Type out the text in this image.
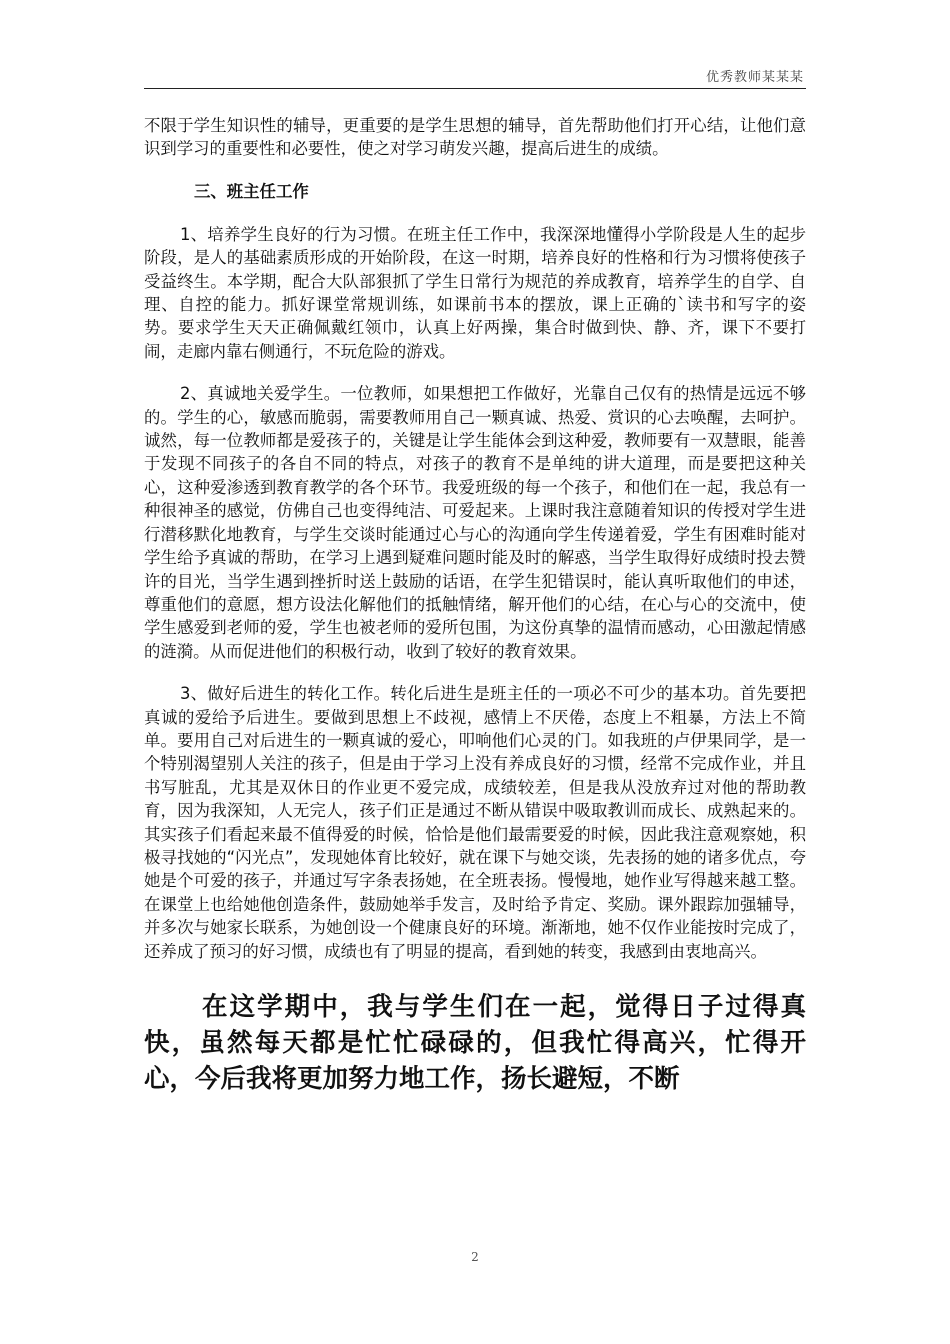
优秀教师某某某

不限于学生知识性的辅导，更重要的是学生思想的辅导，首先帮助他们打开心结，让他们意识到学习的重要性和必要性，使之对学习萌发兴趣，提高后进生的成绩。

三、班主任工作

1、培养学生良好的行为习惯。在班主任工作中，我深深地懂得小学阶段是人生的起步阶段，是人的基础素质形成的开始阶段，在这一时期，培养良好的性格和行为习惯将使孩子受益终生。本学期，配合大队部狠抓了学生日常行为规范的养成教育，培养学生的自学、自理、自控的能力。抓好课堂常规训练，如课前书本的摆放，课上正确的`读书和写字的姿势。要求学生天天正确佩戴红领巾，认真上好两操，集合时做到快、静、齐，课下不要打闹，走廊内靠右侧通行，不玩危险的游戏。

2、真诚地关爱学生。一位教师，如果想把工作做好，光靠自己仅有的热情是远远不够的。学生的心，敏感而脆弱，需要教师用自己一颗真诚、热爱、赏识的心去唤醒，去呵护。诚然，每一位教师都是爱孩子的，关键是让学生能体会到这种爱，教师要有一双慧眼，能善于发现不同孩子的各自不同的特点，对孩子的教育不是单纯的讲大道理，而是要把这种关心，这种爱渗透到教育教学的各个环节。我爱班级的每一个孩子，和他们在一起，我总有一种很神圣的感觉，仿佛自己也变得纯洁、可爱起来。上课时我注意随着知识的传授对学生进行潜移默化地教育，与学生交谈时能通过心与心的沟通向学生传递着爱，学生有困难时能对学生给予真诚的帮助，在学习上遇到疑难问题时能及时的解惑，当学生取得好成绩时投去赞许的目光，当学生遇到挫折时送上鼓励的话语，在学生犯错误时，能认真听取他们的申述，尊重他们的意愿，想方设法化解他们的抵触情绪，解开他们的心结，在心与心的交流中，使学生感爱到老师的爱，学生也被老师的爱所包围，为这份真挚的温情而感动，心田激起情感的涟漪。从而促进他们的积极行动，收到了较好的教育效果。

3、做好后进生的转化工作。转化后进生是班主任的一项必不可少的基本功。首先要把真诚的爱给予后进生。要做到思想上不歧视，感情上不厌倦，态度上不粗暴，方法上不简单。要用自己对后进生的一颗真诚的爱心，叩响他们心灵的门。如我班的卢伊果同学，是一个特别渴望别人关注的孩子，但是由于学习上没有养成良好的习惯，经常不完成作业，并且书写脏乱，尤其是双休日的作业更不爱完成，成绩较差，但是我从没放弃过对他的帮助教育，因为我深知，人无完人，孩子们正是通过不断从错误中吸取教训而成长、成熟起来的。其实孩子们看起来最不值得爱的时候，恰恰是他们最需要爱的时候，因此我注意观察她，积极寻找她的“闪光点”，发现她体育比较好，就在课下与她交谈，先表扬的她的诸多优点，夸她是个可爱的孩子，并通过写字条表扬她，在全班表扬。慢慢地，她作业写得越来越工整。在课堂上也给她他创造条件，鼓励她举手发言，及时给予肯定、奖励。课外跟踪加强辅导，并多次与她家长联系，为她创设一个健康良好的环境。渐渐地，她不仅作业能按时完成了，还养成了预习的好习惯，成绩也有了明显的提高，看到她的转变，我感到由衷地高兴。

在这学期中，我与学生们在一起，觉得日子过得真快，虽然每天都是忙忙碌碌的，但我忙得高兴，忙得开心，今后我将更加努力地工作，扬长避短，不断

2
